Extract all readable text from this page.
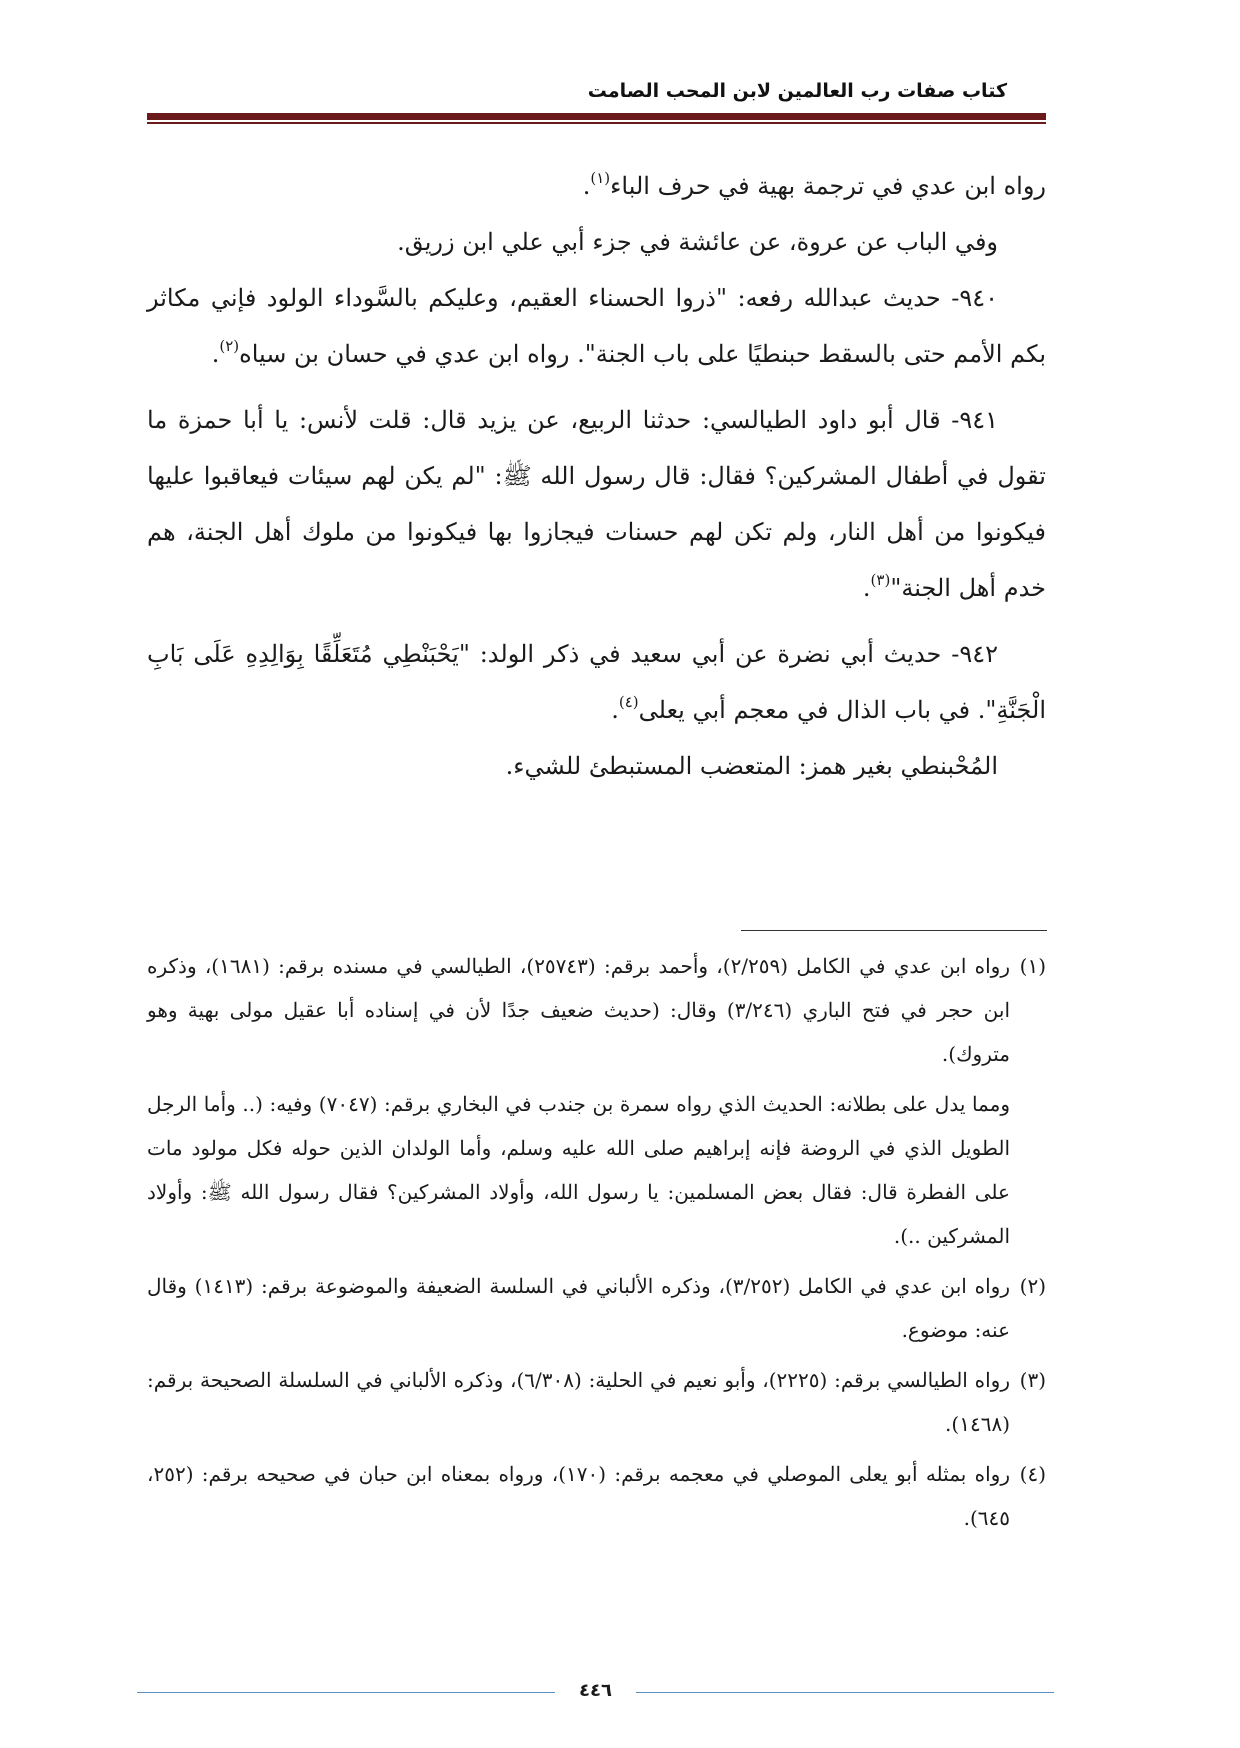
كتاب صفات رب العالمين لابن المحب الصامت

رواه ابن عدي في ترجمة بهية في حرف الباء$^{(١)}$.

وفي الباب عن عروة، عن عائشة في جزء أبي علي ابن زريق.

٩٤٠- حديث عبدالله رفعه: "ذروا الحسناء العقيم، وعليكم بالسَّوداء الولود فإني مكاثر بكم الأمم حتى بالسقط حبنطيًا على باب الجنة". رواه ابن عدي في حسان بن سياه$^{(٢)}$.

٩٤١- قال أبو داود الطيالسي: حدثنا الربيع، عن يزيد قال: قلت لأنس: يا أبا حمزة ما تقول في أطفال المشركين؟ فقال: قال رسول الله ﷺ: "لم يكن لهم سيئات فيعاقبوا عليها فيكونوا من أهل النار، ولم تكن لهم حسنات فيجازوا بها فيكونوا من ملوك أهل الجنة، هم خدم أهل الجنة"$^{(٣)}$.

٩٤٢- حديث أبي نضرة عن أبي سعيد في ذكر الولد: "يَحْبَنْطِي مُتَعَلِّقًا بِوَالِدِهِ عَلَى بَابِ الْجَنَّةِ". في باب الذال في معجم أبي يعلى$^{(٤)}$.

المُحْبنطي بغير همز: المتعضب المستبطئ للشيء.

(١)
رواه ابن عدي في الكامل (٢/٢٥٩)، وأحمد برقم: (٢٥٧٤٣)، الطيالسي في مسنده برقم: (١٦٨١)، وذكره ابن حجر في فتح الباري (٣/٢٤٦) وقال: (حديث ضعيف جدًا لأن في إسناده أبا عقيل مولى بهية وهو متروك).

ومما يدل على بطلانه: الحديث الذي رواه سمرة بن جندب في البخاري برقم: (٧٠٤٧) وفيه: (.. وأما الرجل الطويل الذي في الروضة فإنه إبراهيم صلى الله عليه وسلم، وأما الولدان الذين حوله فكل مولود مات على الفطرة قال: فقال بعض المسلمين: يا رسول الله، وأولاد المشركين؟ فقال رسول الله ﷺ: وأولاد المشركين ..).

(٢)
رواه ابن عدي في الكامل (٣/٢٥٢)، وذكره الألباني في السلسة الضعيفة والموضوعة برقم: (١٤١٣) وقال عنه: موضوع.

(٣)
رواه الطيالسي برقم: (٢٢٢٥)، وأبو نعيم في الحلية: (٦/٣٠٨)، وذكره الألباني في السلسلة الصحيحة برقم: (١٤٦٨).

(٤)
رواه بمثله أبو يعلى الموصلي في معجمه برقم: (١٧٠)، ورواه بمعناه ابن حبان في صحيحه برقم: (٢٥٢، ٦٤٥).

٤٤٦
